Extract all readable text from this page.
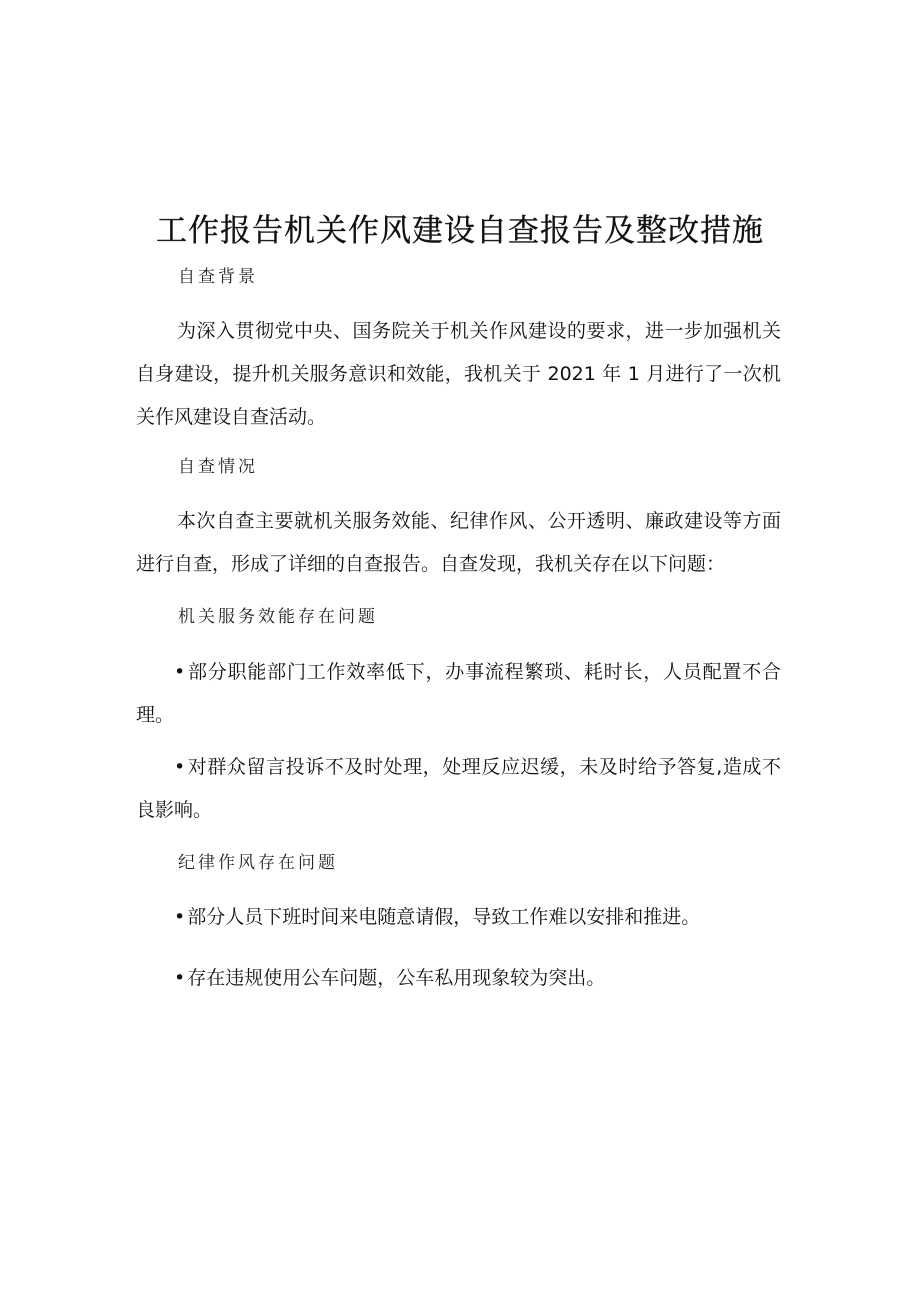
工作报告机关作风建设自查报告及整改措施

自查背景

为深入贯彻党中央、国务院关于机关作风建设的要求，进一步加强机关自身建设，提升机关服务意识和效能，我机关于 2021 年 1 月进行了一次机关作风建设自查活动。

自查情况

本次自查主要就机关服务效能、纪律作风、公开透明、廉政建设等方面进行自查，形成了详细的自查报告。自查发现，我机关存在以下问题：

机关服务效能存在问题

• 部分职能部门工作效率低下，办事流程繁琐、耗时长，人员配置不合理。

• 对群众留言投诉不及时处理，处理反应迟缓，未及时给予答复,造成不良影响。

纪律作风存在问题

• 部分人员下班时间来电随意请假，导致工作难以安排和推进。

• 存在违规使用公车问题，公车私用现象较为突出。
